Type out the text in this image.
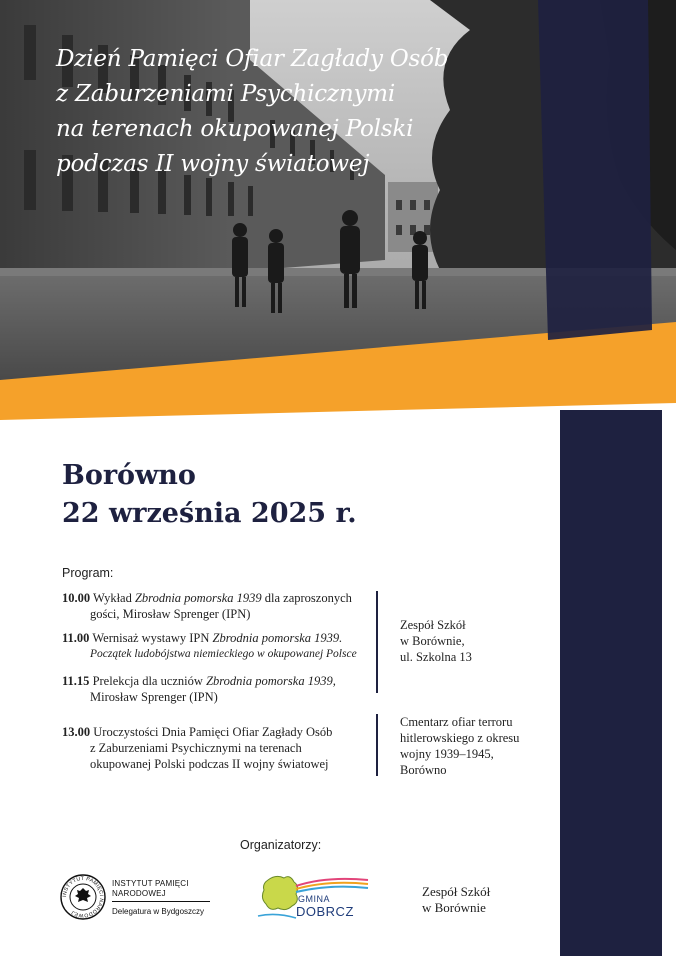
Dzień Pamięci Ofiar Zagłady Osób
z Zaburzeniami Psychicznymi
na terenach okupowanej Polski
podczas II wojny światowej
Borówno
22 września 2025 r.
Program:
10.00 Wykład Zbrodnia pomorska 1939 dla zaproszonych
gości, Mirosław Sprenger (IPN)
11.00 Wernisaż wystawy IPN Zbrodnia pomorska 1939.
Początek ludobójstwa niemieckiego w okupowanej Polsce
11.15 Prelekcja dla uczniów Zbrodnia pomorska 1939,
Mirosław Sprenger (IPN)
13.00 Uroczystości Dnia Pamięci Ofiar Zagłady Osób
z Zaburzeniami Psychicznymi na terenach
okupowanej Polski podczas II wojny światowej
Zespół Szkół
w Borównie,
ul. Szkolna 13
Cmentarz ofiar terroru
hitlerowskiego z okresu
wojny 1939–1945,
Borówno
Organizatorzy:
INSTYTUT PAMIĘCI NARODOWEJ
INSTYTUT PAMIĘCI
NARODOWEJ
Delegatura w Bydgoszczy
GMINA
DOBRCZ
Zespół Szkół
w Borównie
